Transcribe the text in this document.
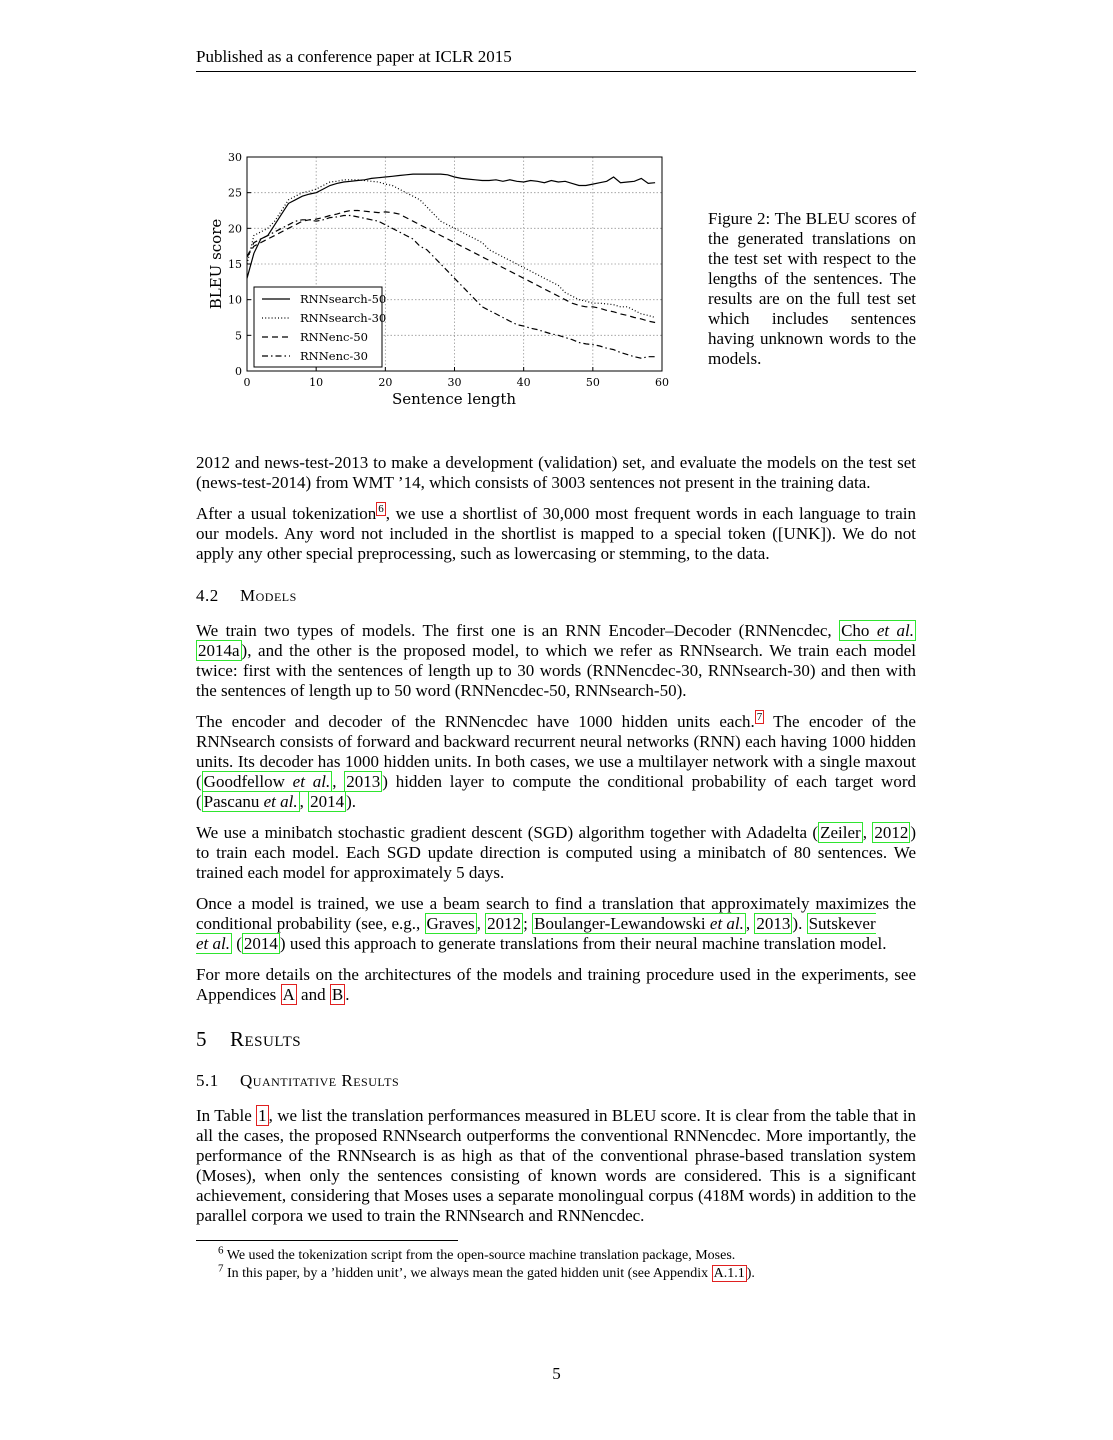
Published as a conference paper at ICLR 2015
0	10	20	30	40	50	60
0
5
10
15
20
25
30
RNNsearch-50
RNNsearch-30
RNNenc-50
RNNenc-30
Sentence length
BLEU score
Figure 2: The BLEU scores of the generated translations on the test set with respect to the lengths of the sentences. The results are on the full test set which includes sentences having unknown words to the models.

2012 and news-test-2013 to make a development (validation) set, and evaluate the models on the test set (news-test-2014) from WMT ’14, which consists of 3003 sentences not present in the training data.

After a usual tokenization $^6$ , we use a shortlist of 30,000 most frequent words in each language to train our models. Any word not included in the shortlist is mapped to a special token ([UNK]). We do not apply any other special preprocessing, such as lowercasing or stemming, to the data.

4.2 Models

We train two types of models. The first one is an RNN Encoder–Decoder (RNNencdec, Cho et al. 2014a ), and the other is the proposed model, to which we refer as RNNsearch. We train each model twice: first with the sentences of length up to 30 words (RNNencdec-30, RNNsearch-30) and then with the sentences of length up to 50 word (RNNencdec-50, RNNsearch-50).

The encoder and decoder of the RNNencdec have 1000 hidden units each. $^7$ The encoder of the RNNsearch consists of forward and backward recurrent neural networks (RNN) each having 1000 hidden units. Its decoder has 1000 hidden units. In both cases, we use a multilayer network with a single maxout ( Goodfellow et al. , 2013 ) hidden layer to compute the conditional probability of each target word ( Pascanu et al. , 2014 ).

We use a minibatch stochastic gradient descent (SGD) algorithm together with Adadelta ( Zeiler , 2012 ) to train each model. Each SGD update direction is computed using a minibatch of 80 sentences. We trained each model for approximately 5 days.

Once a model is trained, we use a beam search to find a translation that approximately maximizes the conditional probability (see, e.g., Graves , 2012 ; Boulanger-Lewandowski et al. , 2013 ). Sutskever
et al. ( 2014 ) used this approach to generate translations from their neural machine translation model.

For more details on the architectures of the models and training procedure used in the experiments, see Appendices A and B .

5 Results
5.1 Quantitative Results

In Table 1 , we list the translation performances measured in BLEU score. It is clear from the table that in all the cases, the proposed RNNsearch outperforms the conventional RNNencdec. More importantly, the performance of the RNNsearch is as high as that of the conventional phrase-based translation system (Moses), when only the sentences consisting of known words are considered. This is a significant achievement, considering that Moses uses a separate monolingual corpus (418M words) in addition to the parallel corpora we used to train the RNNsearch and RNNencdec.

$^6$ We used the tokenization script from the open-source machine translation package, Moses.
$^7$ In this paper, by a ’hidden unit’, we always mean the gated hidden unit (see Appendix A.1.1 ).
5
